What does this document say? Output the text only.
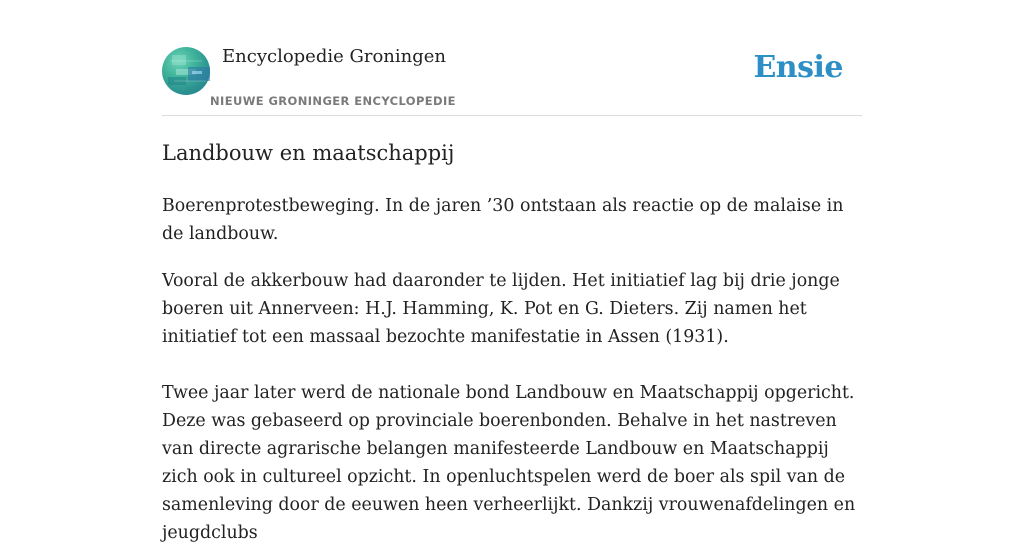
Encyclopedie Groningen
NIEUWE GRONINGER ENCYCLOPEDIE
Ensie
Landbouw en maatschappij

Boerenprotestbeweging. In de jaren ’30 ontstaan als reactie op de malaise in de landbouw.

Vooral de akkerbouw had daaronder te lijden. Het initiatief lag bij drie jonge boeren uit Annerveen: H.J. Hamming, K. Pot en G. Dieters. Zij namen het initiatief tot een massaal bezochte manifestatie in Assen (1931).

Twee jaar later werd de nationale bond Landbouw en Maatschappij opgericht. Deze was gebaseerd op provinciale boerenbonden. Behalve in het nastreven van directe agrarische belangen manifesteerde Landbouw en Maatschappij zich ook in cultureel opzicht. In openluchtspelen werd de boer als spil van de samenleving door de eeuwen heen verheerlijkt. Dankzij vrouwenafdelingen en jeugdclubs
